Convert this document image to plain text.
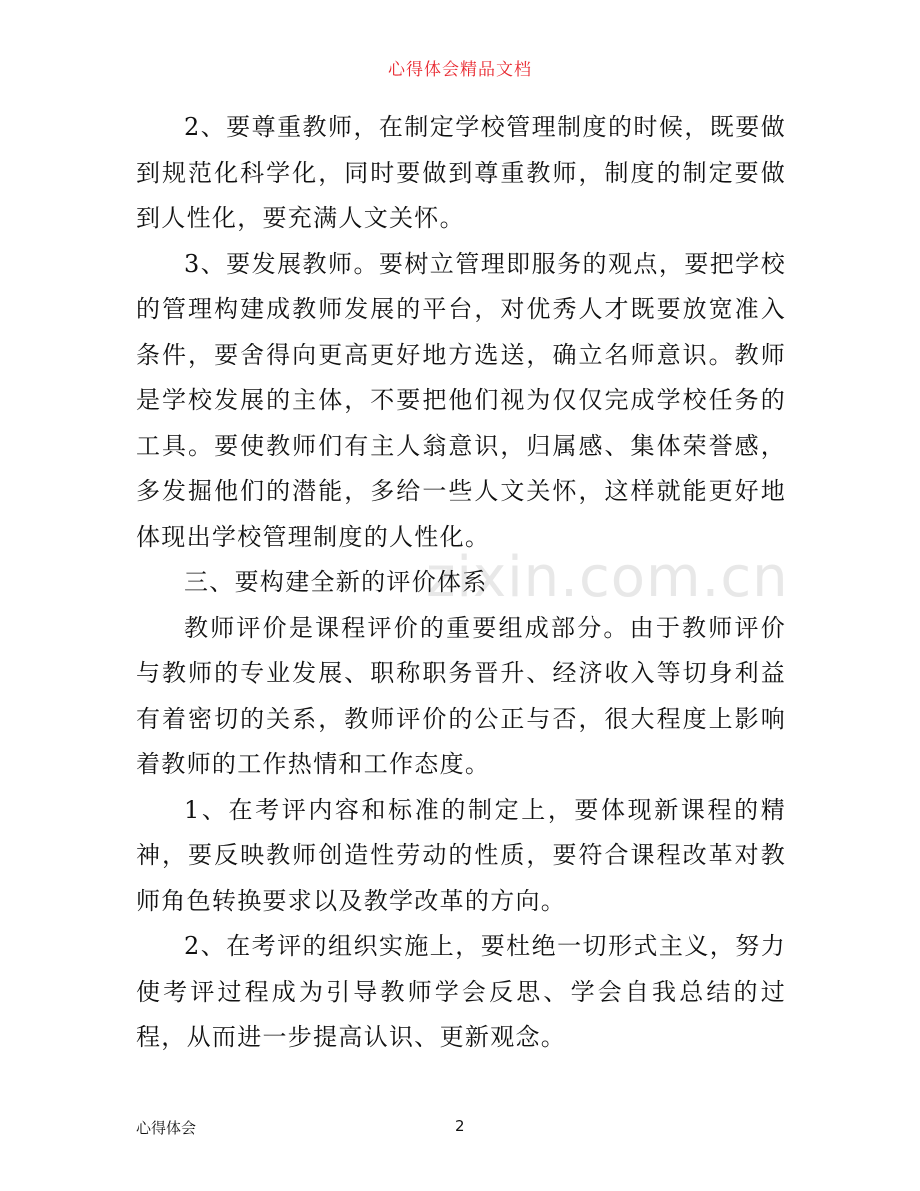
心得体会精品文档
zixin.com.cn

2、要尊重教师，在制定学校管理制度的时候，既要做到规范化科学化，同时要做到尊重教师，制度的制定要做到人性化，要充满人文关怀。

3、要发展教师。要树立管理即服务的观点，要把学校的管理构建成教师发展的平台，对优秀人才既要放宽准入条件，要舍得向更高更好地方选送，确立名师意识。教师是学校发展的主体，不要把他们视为仅仅完成学校任务的工具。要使教师们有主人翁意识，归属感、集体荣誉感，多发掘他们的潜能，多给一些人文关怀，这样就能更好地体现出学校管理制度的人性化。

三、要构建全新的评价体系

教师评价是课程评价的重要组成部分。由于教师评价与教师的专业发展、职称职务晋升、经济收入等切身利益有着密切的关系，教师评价的公正与否，很大程度上影响着教师的工作热情和工作态度。

1、在考评内容和标准的制定上，要体现新课程的精神，要反映教师创造性劳动的性质，要符合课程改革对教师角色转换要求以及教学改革的方向。

2、在考评的组织实施上，要杜绝一切形式主义，努力使考评过程成为引导教师学会反思、学会自我总结的过程，从而进一步提高认识、更新观念。

心得体会	2
